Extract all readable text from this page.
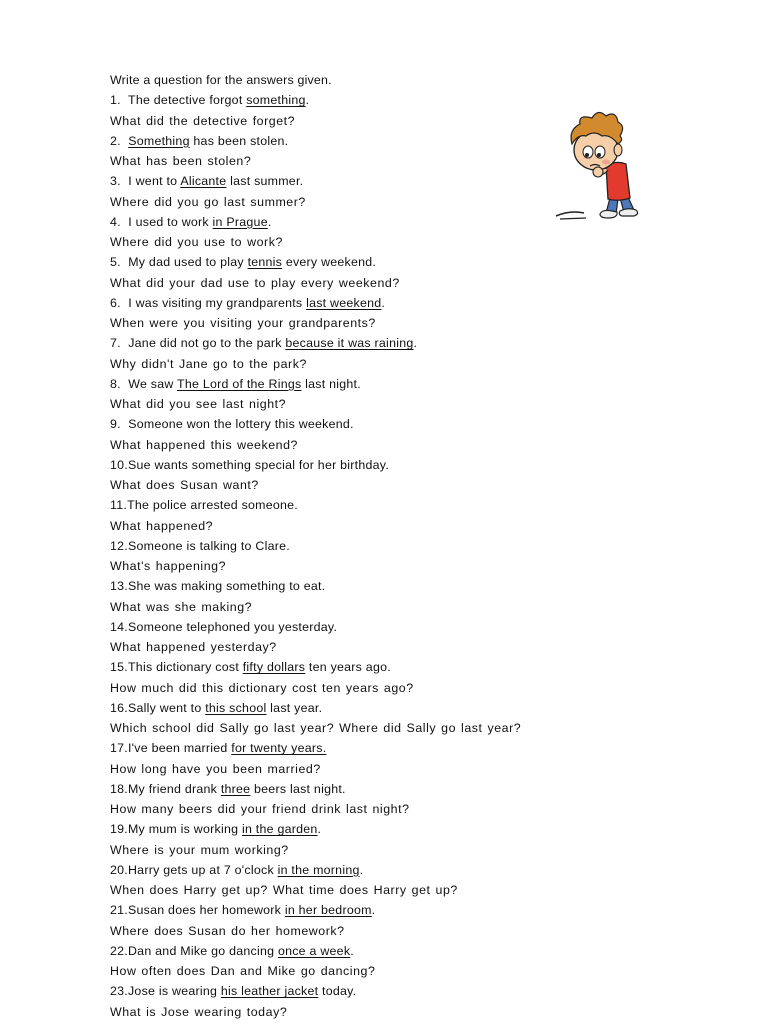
Write a question for the answers given.
1.  The detective forgot something.
What did the detective forget?
2.  Something has been stolen.
What has been stolen?
3.  I went to Alicante last summer.
Where did you go last summer?
4.  I used to work in Prague.
Where did you use to work?
5.  My dad used to play tennis every weekend.
What did your dad use to play every weekend?
6.  I was visiting my grandparents last weekend.
When were you visiting your grandparents?
7.  Jane did not go to the park because it was raining.
Why didn't Jane go to the park?
8.  We saw The Lord of the Rings last night.
What did you see last night?
9.  Someone won the lottery this weekend.
What happened this weekend?
10.Sue wants something special for her birthday.
What does Susan want?
11.The police arrested someone.
What happened?
12.Someone is talking to Clare.
What's happening?
13.She was making something to eat.
What was she making?
14.Someone telephoned you yesterday.
What happened yesterday?
15.This dictionary cost fifty dollars ten years ago.
How much did this dictionary cost ten years ago?
16.Sally went to this school last year.
Which school did Sally go last year? Where did Sally go last year?
17.I've been married for twenty years.
How long have you been married?
18.My friend drank three beers last night.
How many beers did your friend drink last night?
19.My mum is working in the garden.
Where is your mum working?
20.Harry gets up at 7 o'clock in the morning.
When does Harry get up? What time does Harry get up?
21.Susan does her homework in her bedroom.
Where does Susan do her homework?
22.Dan and Mike go dancing once a week.
How often does Dan and Mike go dancing?
23.Jose is wearing his leather jacket today.
What is Jose wearing today?
